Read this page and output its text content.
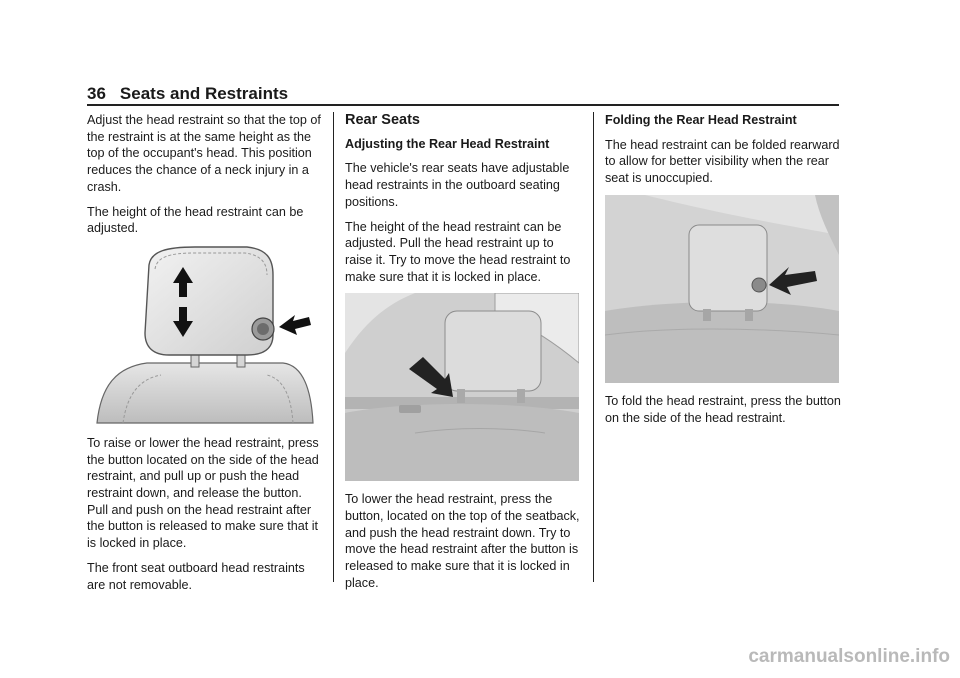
36 Seats and Restraints

Adjust the head restraint so that the top of the restraint is at the same height as the top of the occupant's head. This position reduces the chance of a neck injury in a crash.

The height of the head restraint can be adjusted.

To raise or lower the head restraint, press the button located on the side of the head restraint, and pull up or push the head restraint down, and release the button. Pull and push on the head restraint after the button is released to make sure that it is locked in place.

The front seat outboard head restraints are not removable.

Rear Seats

Adjusting the Rear Head Restraint

The vehicle's rear seats have adjustable head restraints in the outboard seating positions.

The height of the head restraint can be adjusted. Pull the head restraint up to raise it. Try to move the head restraint to make sure that it is locked in place.

To lower the head restraint, press the button, located on the top of the seatback, and push the head restraint down. Try to move the head restraint after the button is released to make sure that it is locked in place.

Folding the Rear Head Restraint

The head restraint can be folded rearward to allow for better visibility when the rear seat is unoccupied.

To fold the head restraint, press the button on the side of the head restraint.

carmanualsonline.info
